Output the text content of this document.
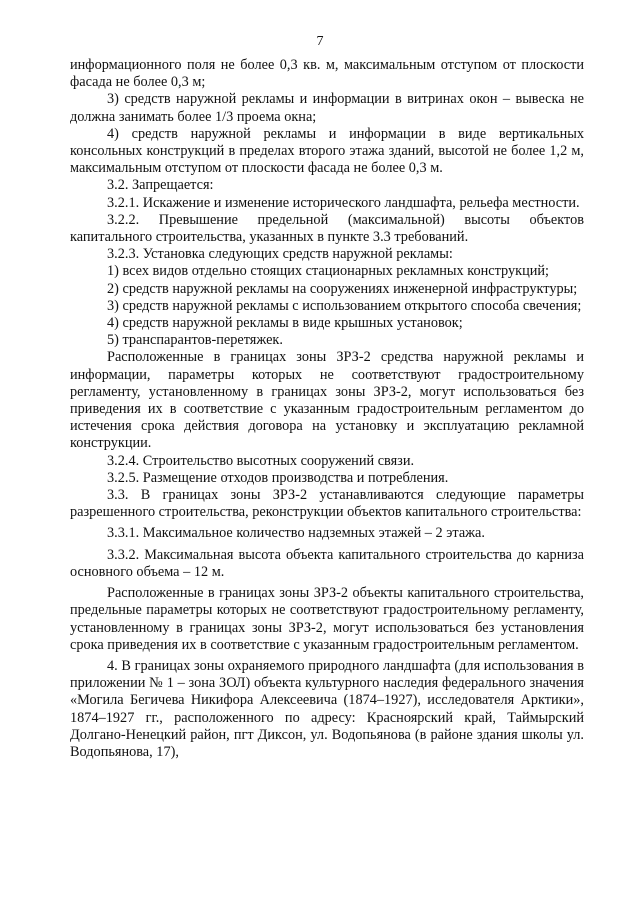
7

информационного поля не более 0,3 кв. м, максимальным отступом от плоскости фасада не более 0,3 м;

3) средств наружной рекламы и информации в витринах окон – вывеска не должна занимать более 1/3 проема окна;

4) средств наружной рекламы и информации в виде вертикальных консольных конструкций в пределах второго этажа зданий, высотой не более 1,2 м, максимальным отступом от плоскости фасада не более 0,3 м.

3.2. Запрещается:

3.2.1. Искажение и изменение исторического ландшафта, рельефа местности.

3.2.2. Превышение предельной (максимальной) высоты объектов капитального строительства, указанных в пункте 3.3 требований.

3.2.3. Установка следующих средств наружной рекламы:

1) всех видов отдельно стоящих стационарных рекламных конструкций;

2) средств наружной рекламы на сооружениях инженерной инфраструктуры;

3) средств наружной рекламы с использованием открытого способа свечения;

4) средств наружной рекламы в виде крышных установок;

5) транспарантов-перетяжек.

Расположенные в границах зоны ЗРЗ-2 средства наружной рекламы и информации, параметры которых не соответствуют градостроительному регламенту, установленному в границах зоны ЗРЗ-2, могут использоваться без приведения их в соответствие с указанным градостроительным регламентом до истечения срока действия договора на установку и эксплуатацию рекламной конструкции.

3.2.4. Строительство высотных сооружений связи.

3.2.5. Размещение отходов производства и потребления.

3.3. В границах зоны ЗРЗ-2 устанавливаются следующие параметры разрешенного строительства, реконструкции объектов капитального строительства:

3.3.1. Максимальное количество надземных этажей – 2 этажа.

3.3.2. Максимальная высота объекта капитального строительства до карниза основного объема – 12 м.

Расположенные в границах зоны ЗРЗ-2 объекты капитального строительства, предельные параметры которых не соответствуют градостроительному регламенту, установленному в границах зоны ЗРЗ-2, могут использоваться без установления срока приведения их в соответствие с указанным градостроительным регламентом.

4. В границах зоны охраняемого природного ландшафта (для использования в приложении № 1 – зона ЗОЛ) объекта культурного наследия федерального значения «Могила Бегичева Никифора Алексеевича (1874–1927), исследователя Арктики», 1874–1927 гг., расположенного по адресу: Красноярский край, Таймырский Долгано-Ненецкий район, пгт Диксон, ул. Водопьянова (в районе здания школы ул. Водопьянова, 17),
